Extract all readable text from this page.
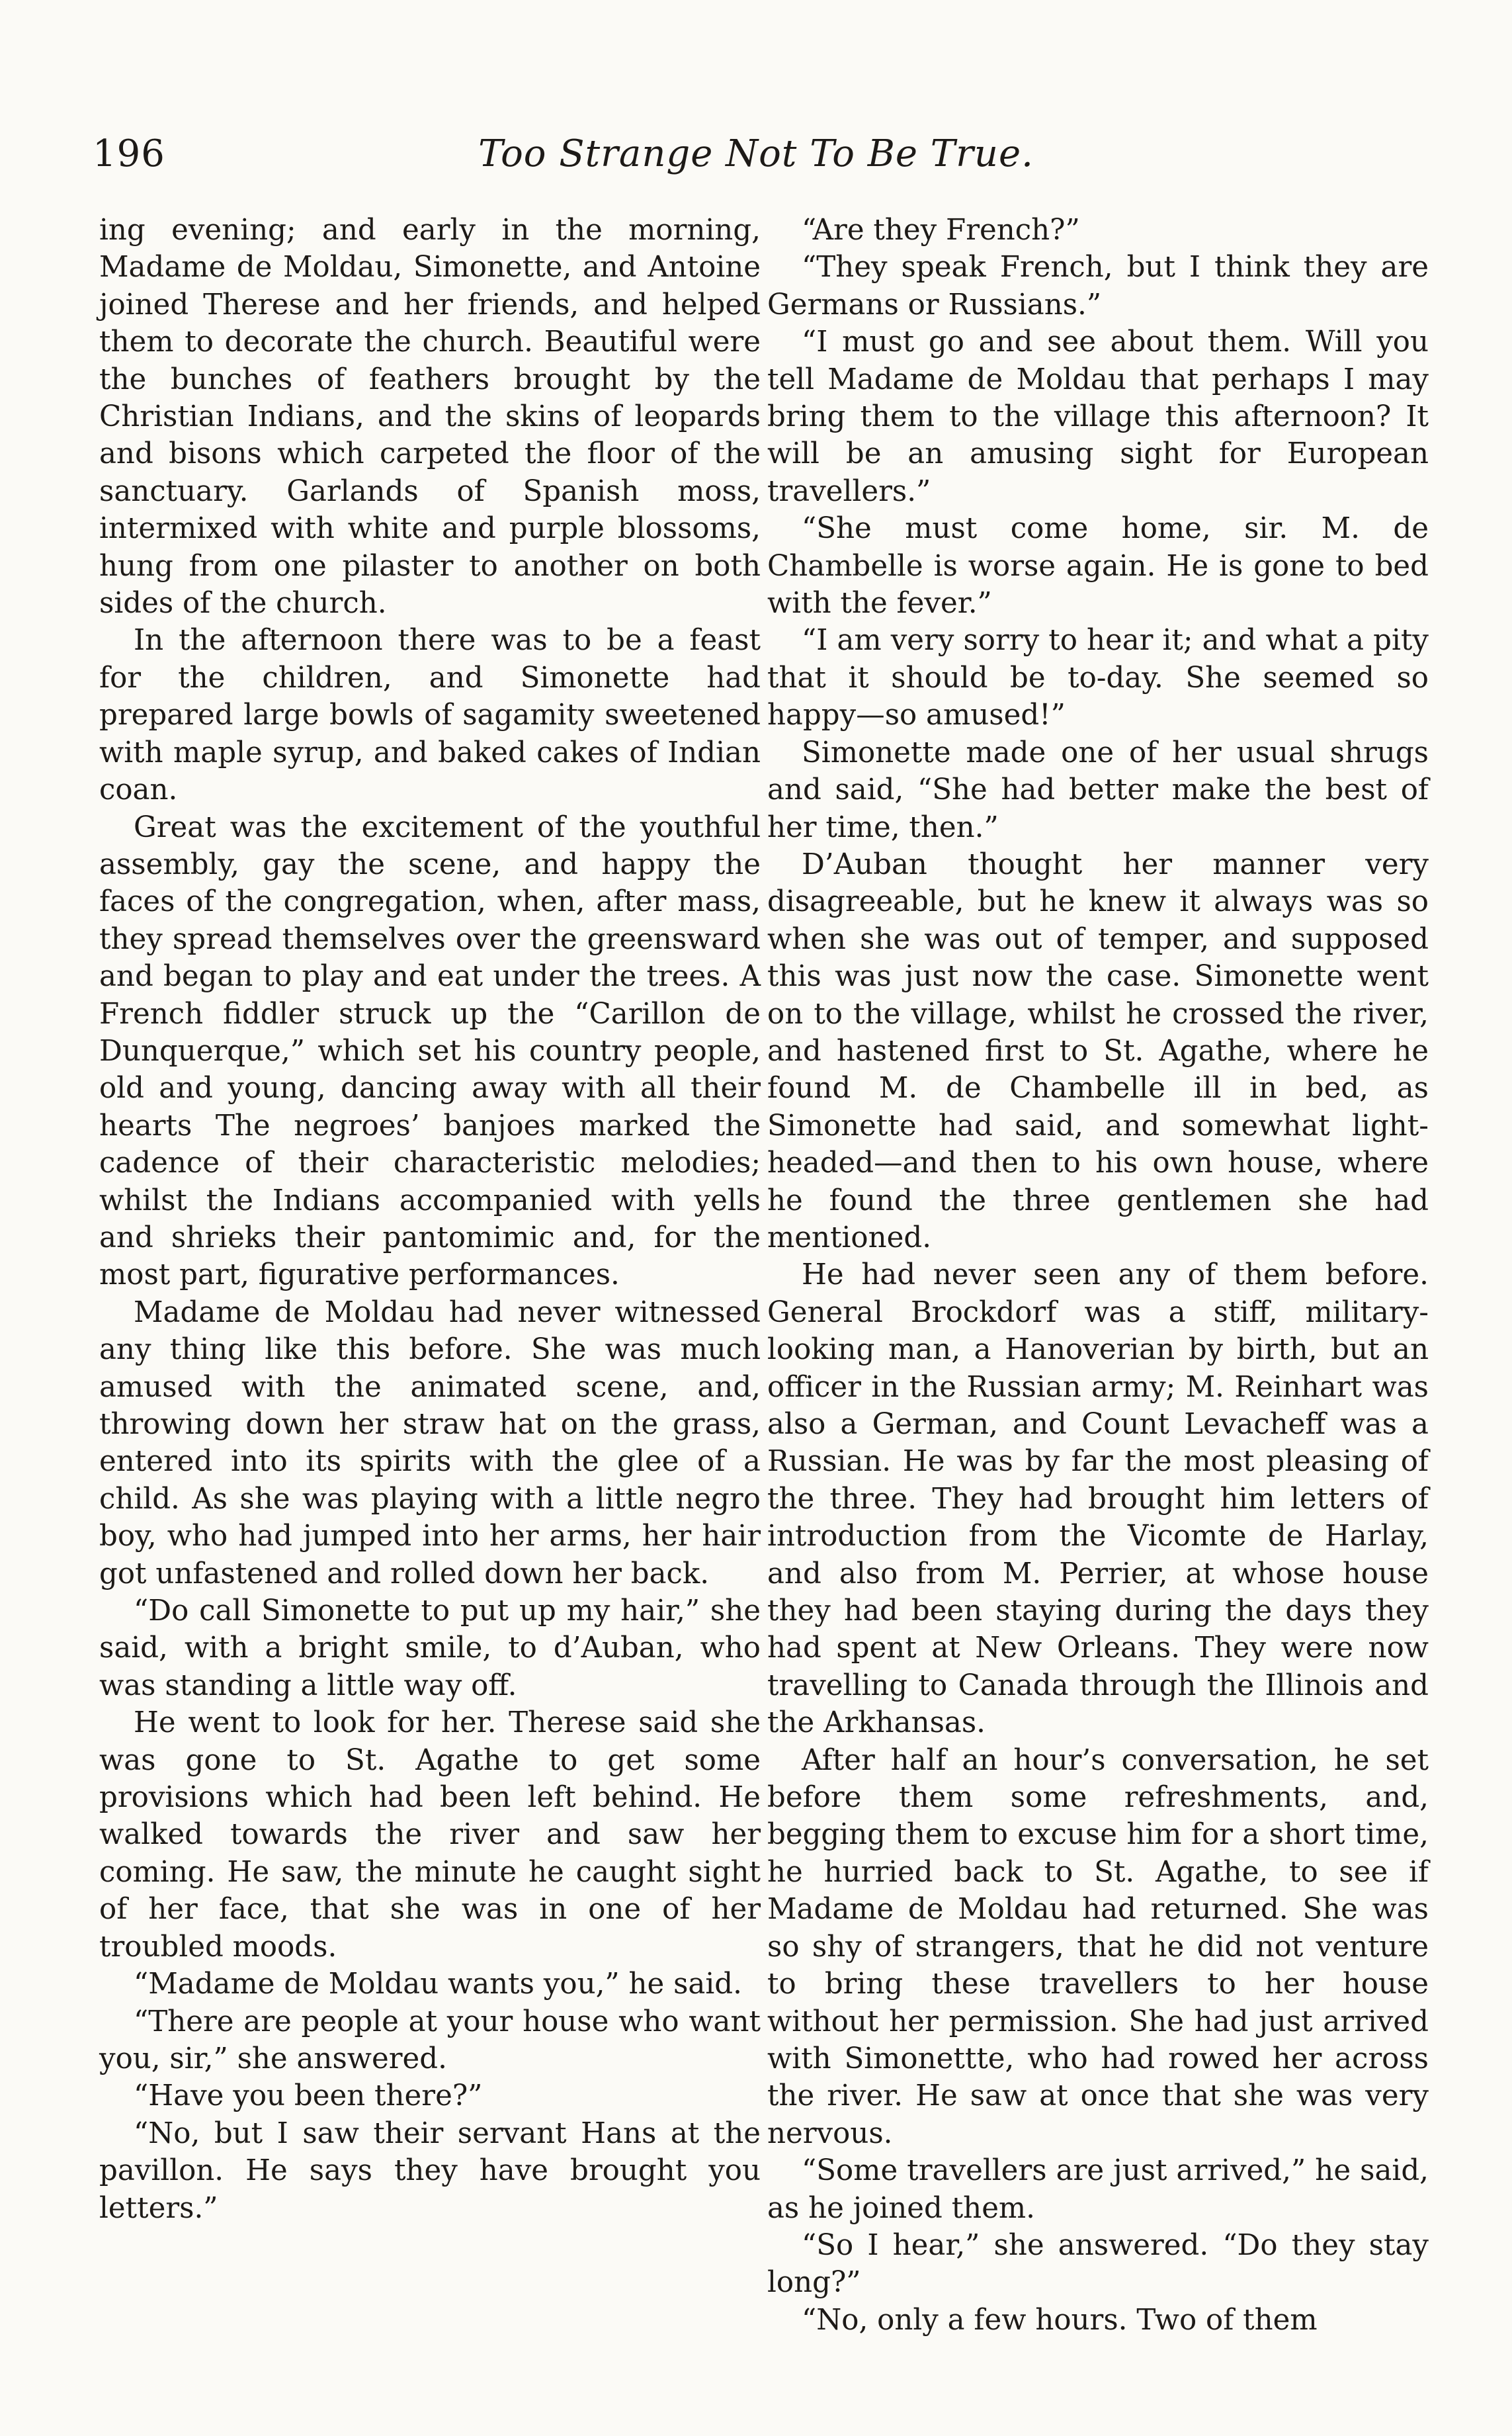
196	Too Strange Not To Be True.

ing evening; and early in the morning, Madame de Moldau, Simonette, and Antoine joined Therese and her friends, and helped them to decorate the church. Beautiful were the bunches of feathers brought by the Christian Indians, and the skins of leopards and bisons which carpeted the floor of the sanctuary. Garlands of Spanish moss, intermixed with white and purple blossoms, hung from one pilaster to another on both sides of the church.

In the afternoon there was to be a feast for the children, and Simonette had prepared large bowls of sagamity sweetened with maple syrup, and baked cakes of Indian coan.

Great was the excitement of the youthful assembly, gay the scene, and happy the faces of the congregation, when, after mass, they spread themselves over the greensward and began to play and eat under the trees. A French fiddler struck up the “Carillon de Dunquerque,” which set his country people, old and young, dancing away with all their hearts The negroes’ banjoes marked the cadence of their characteristic melodies; whilst the Indians accompanied with yells and shrieks their pantomimic and, for the most part, figurative performances.

Madame de Moldau had never witnessed any thing like this before. She was much amused with the animated scene, and, throwing down her straw hat on the grass, entered into its spirits with the glee of a child. As she was playing with a little negro boy, who had jumped into her arms, her hair got unfastened and rolled down her back.

“Do call Simonette to put up my hair,” she said, with a bright smile, to d’Auban, who was standing a little way off.

He went to look for her. Therese said she was gone to St. Agathe to get some provisions which had been left behind. He walked towards the river and saw her coming. He saw, the minute he caught sight of her face, that she was in one of her troubled moods.

“Madame de Moldau wants you,” he said.

“There are people at your house who want you, sir,” she answered.

“Have you been there?”

“No, but I saw their servant Hans at the pavillon. He says they have brought you letters.”

“Are they French?”

“They speak French, but I think they are Germans or Russians.”

“I must go and see about them. Will you tell Madame de Moldau that perhaps I may bring them to the village this afternoon? It will be an amusing sight for European travellers.”

“She must come home, sir. M. de Chambelle is worse again. He is gone to bed with the fever.”

“I am very sorry to hear it; and what a pity that it should be to-day. She seemed so happy—so amused!”

Simonette made one of her usual shrugs and said, “She had better make the best of her time, then.”

D’Auban thought her manner very disagreeable, but he knew it always was so when she was out of temper, and supposed this was just now the case. Simonette went on to the village, whilst he crossed the river, and hastened first to St. Agathe, where he found M. de Chambelle ill in bed, as Simonette had said, and somewhat light-headed—and then to his own house, where he found the three gentlemen she had mentioned.

He had never seen any of them before. General Brockdorf was a stiff, military-looking man, a Hanoverian by birth, but an officer in the Russian army; M. Reinhart was also a German, and Count Levacheff was a Russian. He was by far the most pleasing of the three. They had brought him letters of introduction from the Vicomte de Harlay, and also from M. Perrier, at whose house they had been staying during the days they had spent at New Orleans. They were now travelling to Canada through the Illinois and the Arkhansas.

After half an hour’s conversation, he set before them some refreshments, and, begging them to excuse him for a short time, he hurried back to St. Agathe, to see if Madame de Moldau had returned. She was so shy of strangers, that he did not venture to bring these travellers to her house without her permission. She had just arrived with Simonettte, who had rowed her across the river. He saw at once that she was very nervous.

“Some travellers are just arrived,” he said, as he joined them.

“So I hear,” she answered. “Do they stay long?”

“No, only a few hours. Two of them
